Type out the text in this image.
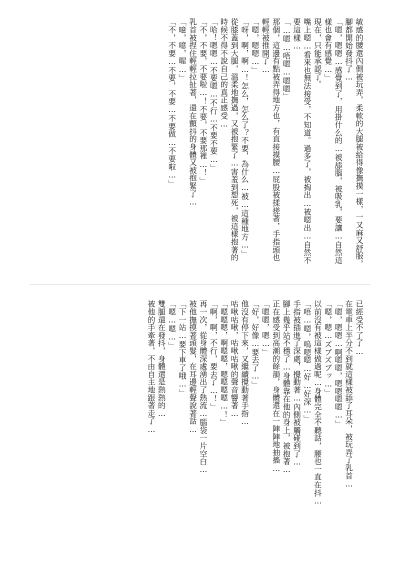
敏感的腰還內側被玩弄，柔軟的大腿被給得像撫摸一樣，一又麻又舒服，腳都開始發抖了…
「嗯，嗯嗯…感覺到了，用掛什么的…被舔腦，被吸乳，要讓…自然這樣也會有感覺…」
現在，只能承認了。
嘴上嗯…看來也無法接受，不知道。過多了，被掏出…被嗯出…自然不要這樣…
「…嗯…唔嗯…嗯嗯」
那個，這邊有點被弄得地方也，有直接摸腰…屁股被揉搓著，手指頭也輕輕被推開了…
「嗯，嗯嗯…」
「呀，啊，啊…！怎么，怎么了？不要，為什么…被…這種地方…」
從膝蓋到大腿，溫柔地撫過，又被抱緊了…害羞到想死，被這樣抱著的時候不得不說自己的真正感受…
「哈！嗯嗯…不要嗯…不行…不要不要…」
「不，不要，不要啦…！不要，不要那裡…！」
乳首被捏住輕輕拉扯著，還在顫抖的身體又被抱緊了…
「噫，噫，喔…」
「不，不要…不要，不要…不要做…不要啦…」
已經受不了了…
在電車上半分不到就這樣被舔了耳朵，被玩弄了乳首…
「嗯，嗯嗯…啊嗯嗯，嗯嗯嗯嗯…」
「嗯，嗯…ズブズブッ…」
以前沒有被這樣做過呢…身體完全不聽話，腰也一直在抖…
「唔…嗯，嗚嗯嗯…好…好深…」
手指被插進了深處，攪動著…內側被觸碰到了…
腳上幾乎站不穩了…身體靠在他的身上，被抱著…
正在感受到高潮的餘韻，身體還在一陣陣地抽搐…
「嗯嗯，嗯…」
「好，好像…要去了…」
他沒有停下來，又繼續攪動著手指…
咕啾咕啾，咕啾咕啾的聲音響著…
「嗯嗯嗯，啊嗯嗯，嗯嗯嗯嗯…！」
「啊，啊，不行，要去了…！」
再一次，從身體深處湧出了熱流…腦袋一片空白…
被他撫摸著頭髮，在耳邊輕聲說著話…
「下一站…要下車了哦…」
「嗯…嗯…」
雙腿還在發抖，身體還是熱熱的…
被他的手牽著，不由自主地跟著走了…
